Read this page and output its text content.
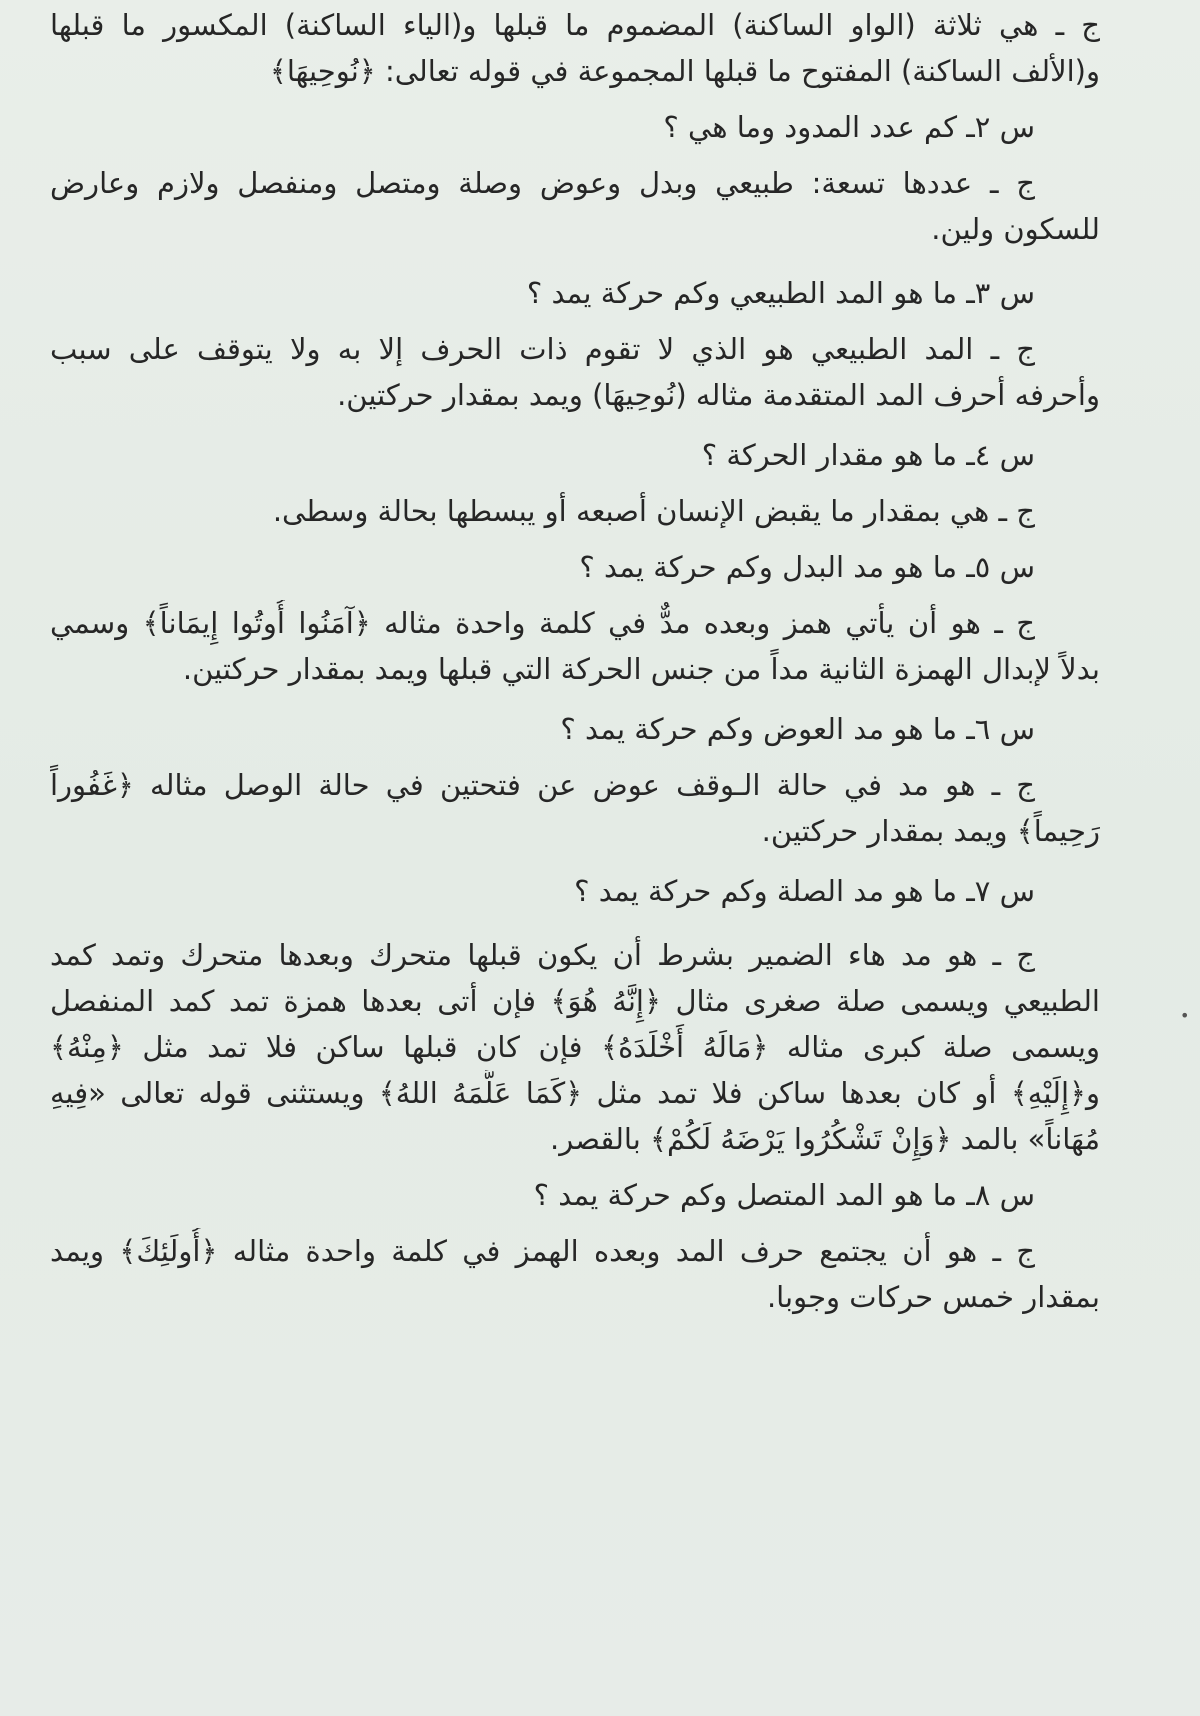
ج ـ هي ثلاثة (الواو الساكنة) المضموم ما قبلها و(الياء الساكنة) المكسور ما قبلها
و(الألف الساكنة) المفتوح ما قبلها المجموعة في قوله تعالى: ﴿نُوحِيهَا﴾
س ٢ـ كم عدد المدود وما هي ؟
ج ـ عددها تسعة: طبيعي وبدل وعوض وصلة ومتصل ومنفصل ولازم وعارض
للسكون ولين.
س ٣ـ ما هو المد الطبيعي وكم حركة يمد ؟
ج ـ المد الطبيعي هو الذي لا تقوم ذات الحرف إلا به ولا يتوقف على سبب
وأحرفه أحرف المد المتقدمة مثاله (نُوحِيهَا) ويمد بمقدار حركتين.
س ٤ـ ما هو مقدار الحركة ؟
ج ـ هي بمقدار ما يقبض الإنسان أصبعه أو يبسطها بحالة وسطى.
س ٥ـ ما هو مد البدل وكم حركة يمد ؟
ج ـ هو أن يأتي همز وبعده مدٌّ في كلمة واحدة مثاله ﴿آمَنُوا أُوتُوا إِيمَاناً﴾ وسمي
بدلاً لإبدال الهمزة الثانية مداً من جنس الحركة التي قبلها ويمد بمقدار حركتين.
س ٦ـ ما هو مد العوض وكم حركة يمد ؟
ج ـ هو مد في حالة الـوقف عوض عن فتحتين في حالة الوصل مثاله ﴿غَفُوراً
رَحِيماً﴾ ويمد بمقدار حركتين.
س ٧ـ ما هو مد الصلة وكم حركة يمد ؟
ج ـ هو مد هاء الضمير بشرط أن يكون قبلها متحرك وبعدها متحرك وتمد كمد
الطبيعي ويسمى صلة صغرى مثال ﴿إِنَّهُ هُوَ﴾ فإن أتى بعدها همزة تمد كمد المنفصل
ويسمى صلة كبرى مثاله ﴿مَالَهُ أَخْلَدَهُ﴾ فإن كان قبلها ساكن فلا تمد مثل ﴿مِنْهُ﴾
و﴿إِلَيْهِ﴾ أو كان بعدها ساكن فلا تمد مثل ﴿كَمَا عَلَّمَهُ اللهُ﴾ ويستثنى قوله تعالى «فِيهِ
مُهَاناً» بالمد ﴿وَإِنْ تَشْكُرُوا يَرْضَهُ لَكُمْ﴾ بالقصر.
س ٨ـ ما هو المد المتصل وكم حركة يمد ؟
ج ـ هو أن يجتمع حرف المد وبعده الهمز في كلمة واحدة مثاله ﴿أُولَئِكَ﴾ ويمد
بمقدار خمس حركات وجوبا.
•
